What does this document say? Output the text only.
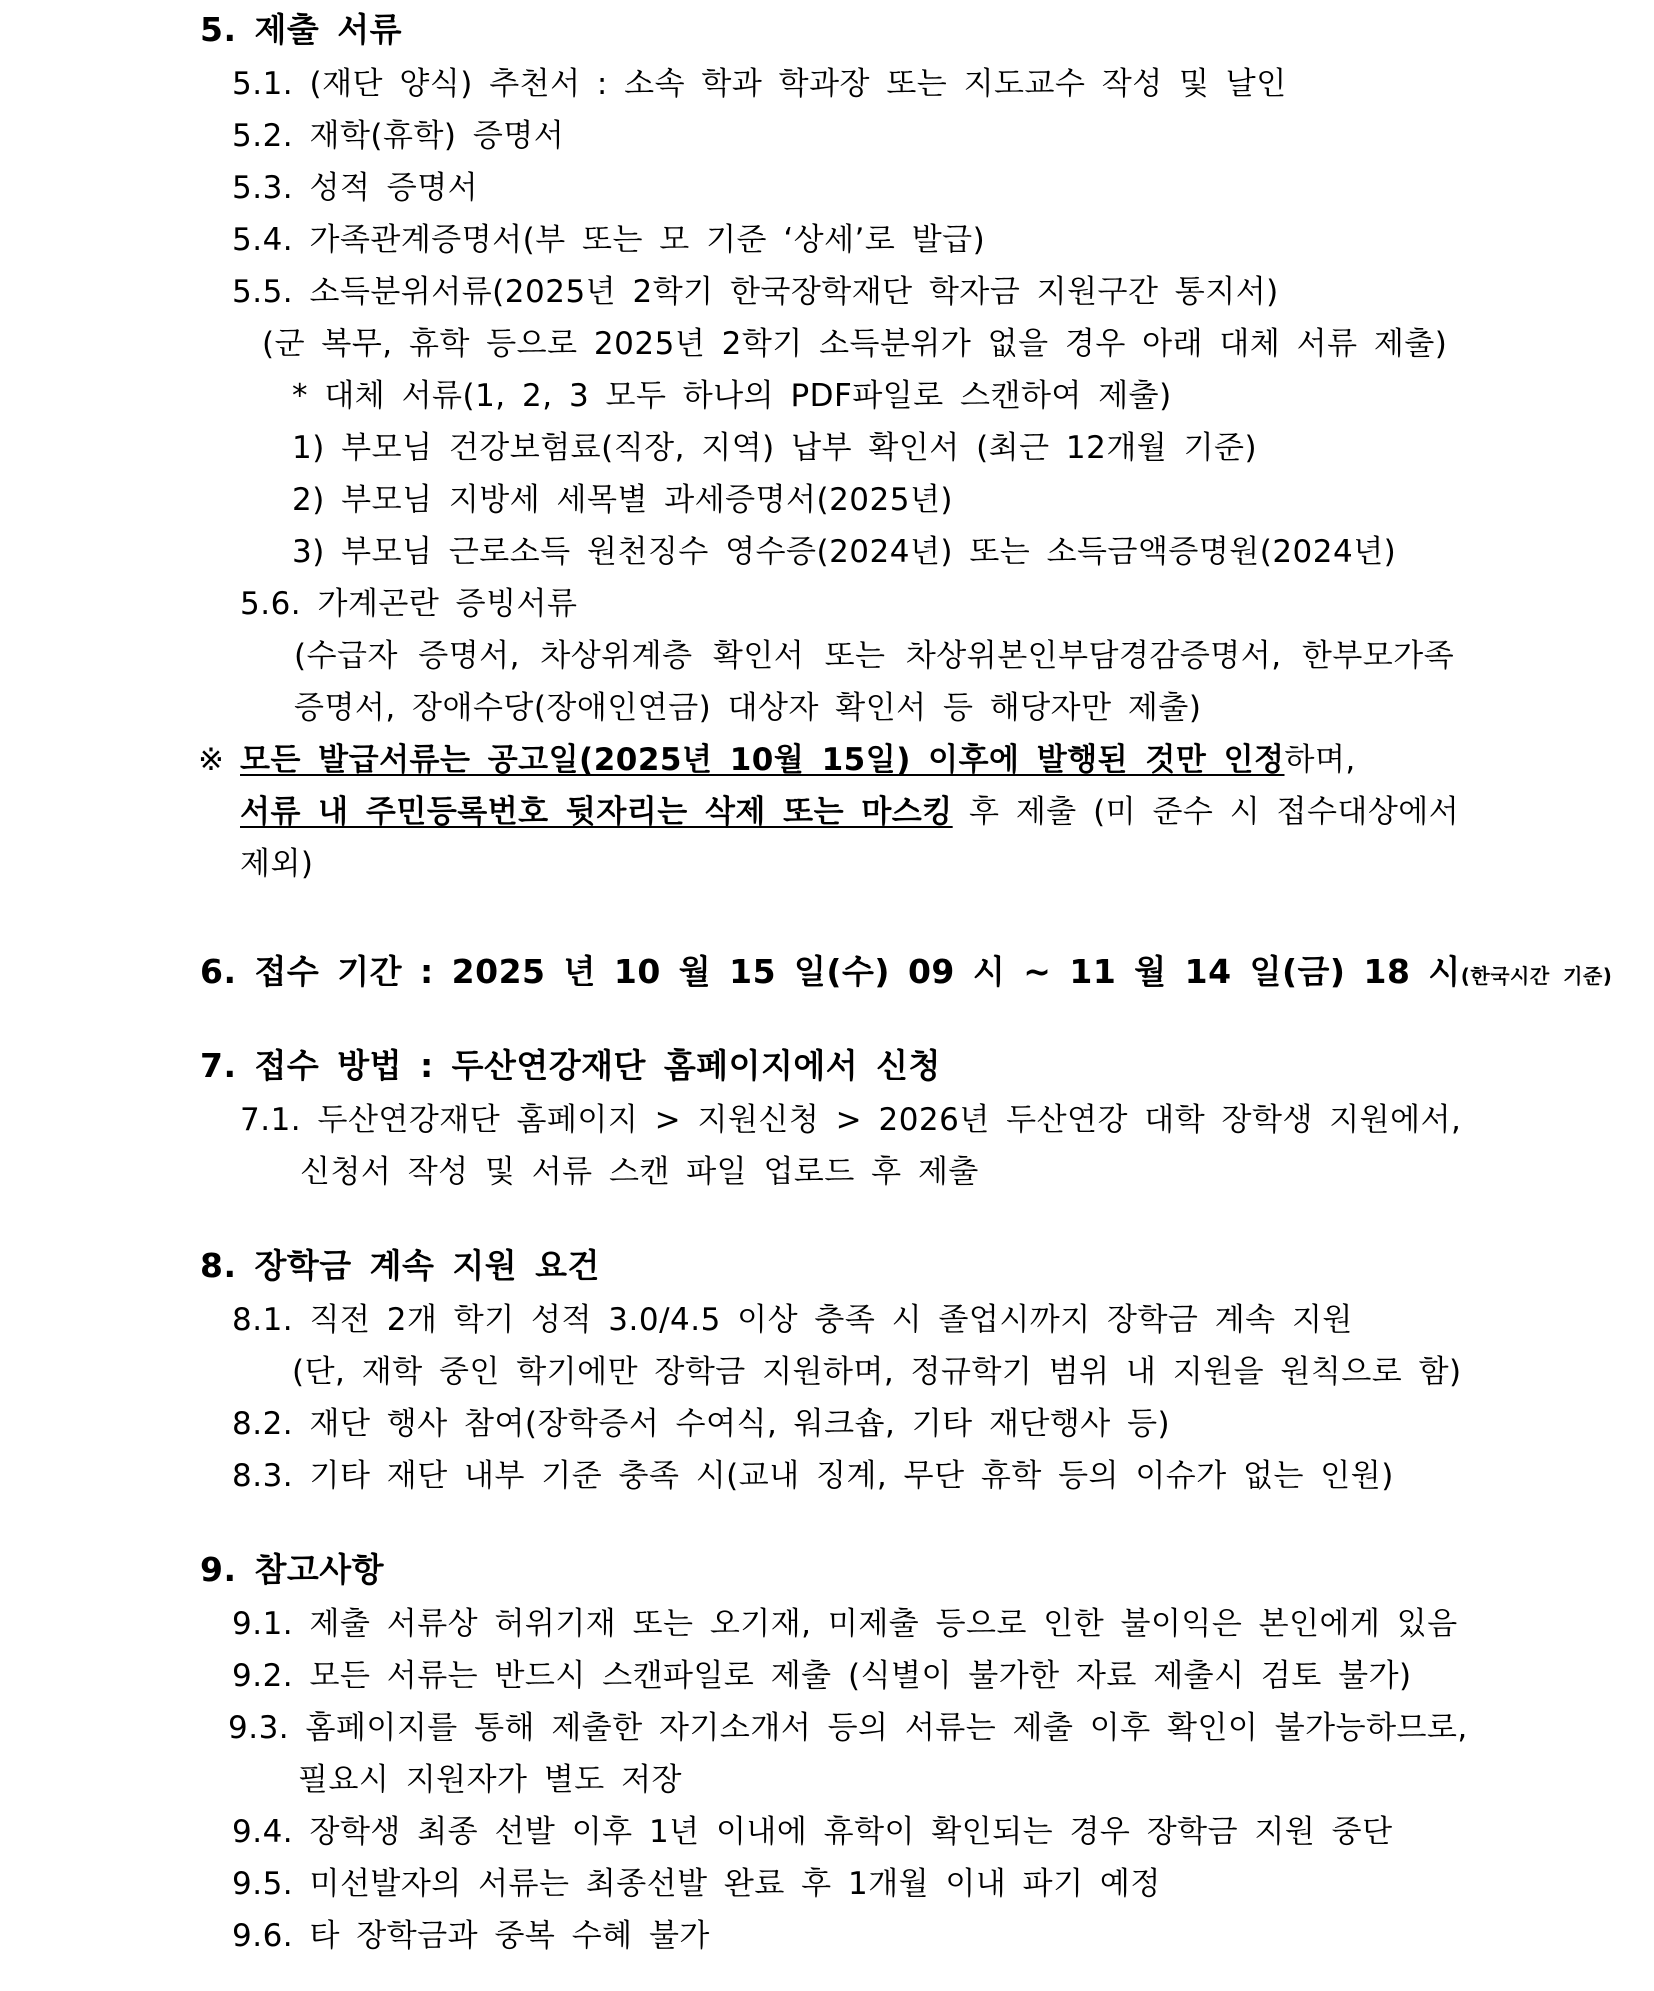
5. 제출 서류
5.1. (재단 양식) 추천서 : 소속 학과 학과장 또는 지도교수 작성 및 날인
5.2. 재학(휴학) 증명서
5.3. 성적 증명서
5.4. 가족관계증명서(부 또는 모 기준 ‘상세’로 발급)
5.5. 소득분위서류(2025년 2학기 한국장학재단 학자금 지원구간 통지서)
(군 복무, 휴학 등으로 2025년 2학기 소득분위가 없을 경우 아래 대체 서류 제출)
* 대체 서류(1, 2, 3 모두 하나의 PDF파일로 스캔하여 제출)
1) 부모님 건강보험료(직장, 지역) 납부 확인서 (최근 12개월 기준)
2) 부모님 지방세 세목별 과세증명서(2025년)
3) 부모님 근로소득 원천징수 영수증(2024년) 또는 소득금액증명원(2024년)
5.6. 가계곤란 증빙서류
(수급자 증명서, 차상위계층 확인서 또는 차상위본인부담경감증명서, 한부모가족
증명서, 장애수당(장애인연금) 대상자 확인서 등 해당자만 제출)
※ 모든 발급서류는 공고일(2025년 10월 15일) 이후에 발행된 것만 인정하며,
서류 내 주민등록번호 뒷자리는 삭제 또는 마스킹 후 제출 (미 준수 시 접수대상에서
제외)
6. 접수 기간 : 2025 년 10 월 15 일(수) 09 시 ~ 11 월 14 일(금) 18 시(한국시간 기준)
7. 접수 방법 : 두산연강재단 홈페이지에서 신청
7.1. 두산연강재단 홈페이지 > 지원신청 > 2026년 두산연강 대학 장학생 지원에서,
신청서 작성 및 서류 스캔 파일 업로드 후 제출
8. 장학금 계속 지원 요건
8.1. 직전 2개 학기 성적 3.0/4.5 이상 충족 시 졸업시까지 장학금 계속 지원
(단, 재학 중인 학기에만 장학금 지원하며, 정규학기 범위 내 지원을 원칙으로 함)
8.2. 재단 행사 참여(장학증서 수여식, 워크숍, 기타 재단행사 등)
8.3. 기타 재단 내부 기준 충족 시(교내 징계, 무단 휴학 등의 이슈가 없는 인원)
9. 참고사항
9.1. 제출 서류상 허위기재 또는 오기재, 미제출 등으로 인한 불이익은 본인에게 있음
9.2. 모든 서류는 반드시 스캔파일로 제출 (식별이 불가한 자료 제출시 검토 불가)
9.3. 홈페이지를 통해 제출한 자기소개서 등의 서류는 제출 이후 확인이 불가능하므로,
필요시 지원자가 별도 저장
9.4. 장학생 최종 선발 이후 1년 이내에 휴학이 확인되는 경우 장학금 지원 중단
9.5. 미선발자의 서류는 최종선발 완료 후 1개월 이내 파기 예정
9.6. 타 장학금과 중복 수혜 불가
